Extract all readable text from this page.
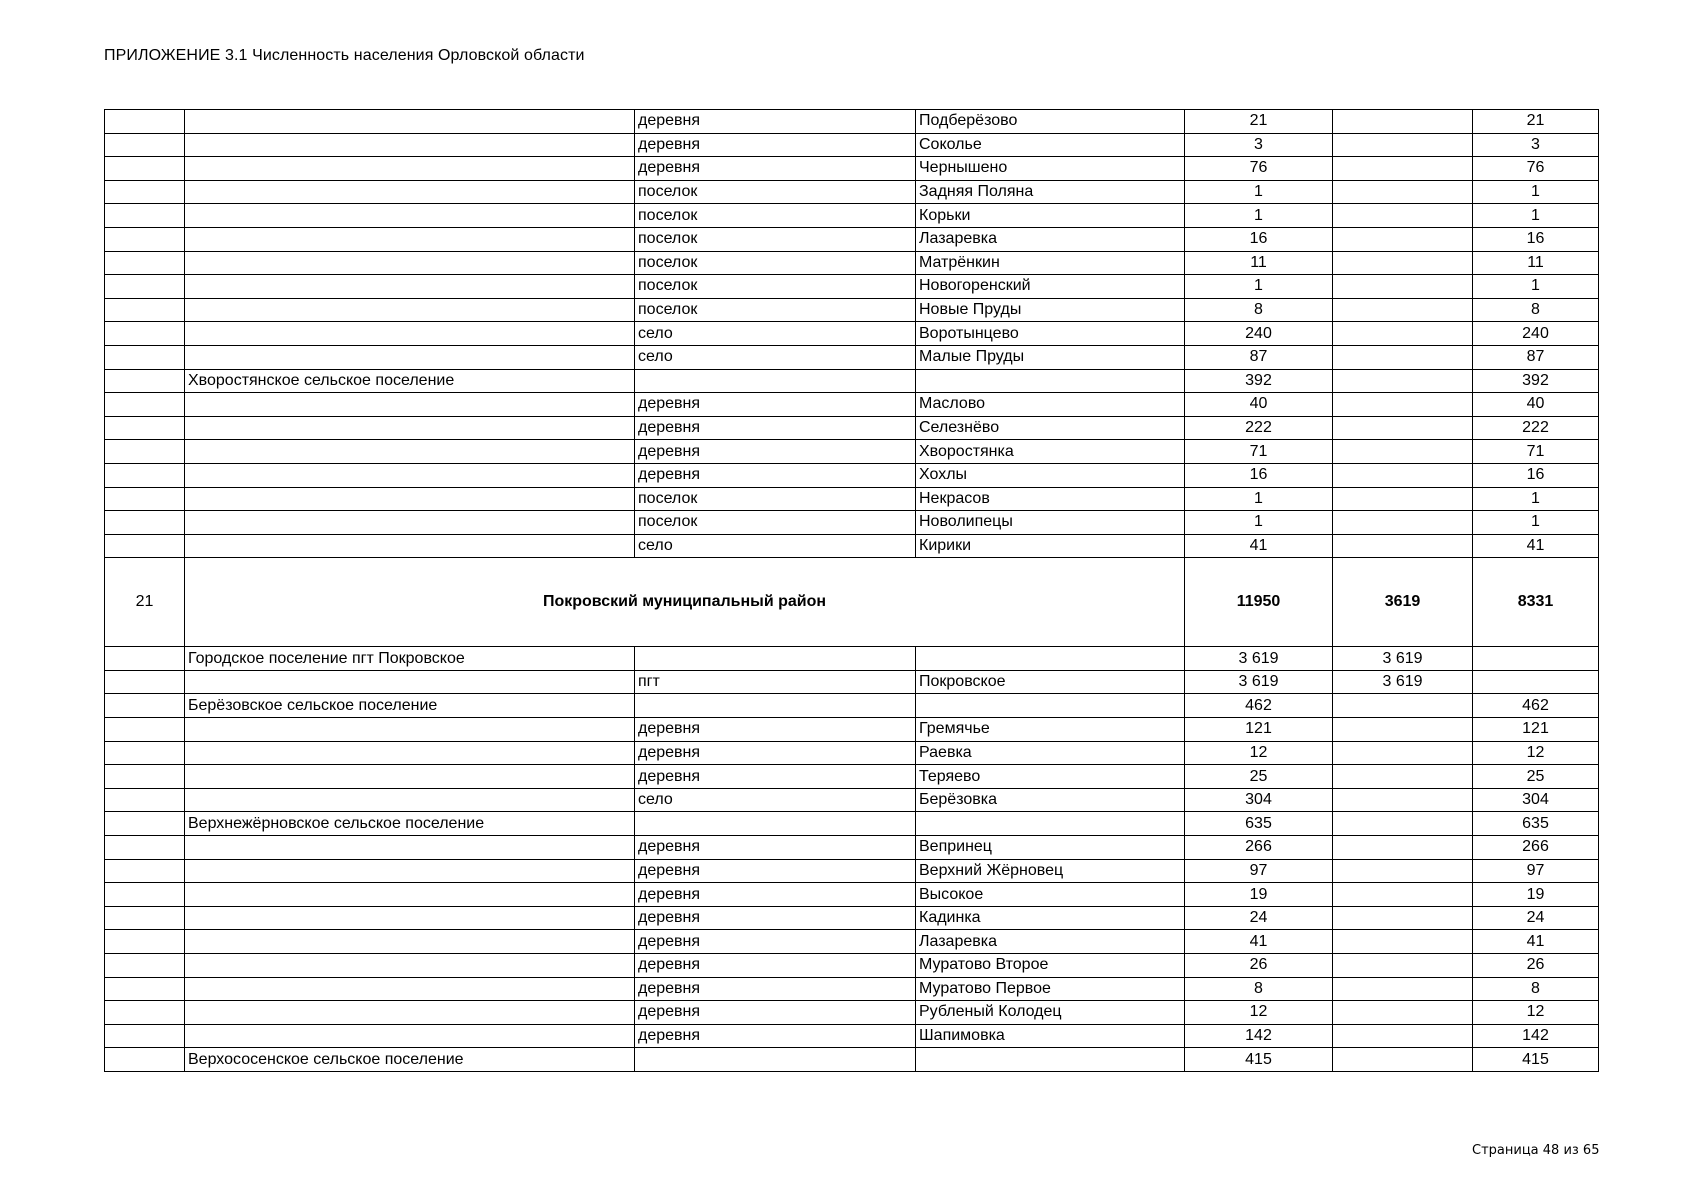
ПРИЛОЖЕНИЕ 3.1 Численность населения Орловской области
		деревня	Подберёзово	21		21
		деревня	Соколье	3		3
		деревня	Чернышено	76		76
		поселок	Задняя Поляна	1		1
		поселок	Корьки	1		1
		поселок	Лазаревка	16		16
		поселок	Матрёнкин	11		11
		поселок	Новогоренский	1		1
		поселок	Новые Пруды	8		8
		село	Воротынцево	240		240
		село	Малые Пруды	87		87
	Хворостянское сельское поселение			392		392
		деревня	Маслово	40		40
		деревня	Селезнёво	222		222
		деревня	Хворостянка	71		71
		деревня	Хохлы	16		16
		поселок	Некрасов	1		1
		поселок	Новолипецы	1		1
		село	Кирики	41		41
21	Покровский муниципальный район			11950	3619	8331
	Городское поселение пгт Покровское			3 619	3 619	
		пгт	Покровское	3 619	3 619	
	Берёзовское сельское поселение			462		462
		деревня	Гремячье	121		121
		деревня	Раевка	12		12
		деревня	Теряево	25		25
		село	Берёзовка	304		304
	Верхнежёрновское сельское поселение			635		635
		деревня	Вепринец	266		266
		деревня	Верхний Жёрновец	97		97
		деревня	Высокое	19		19
		деревня	Кадинка	24		24
		деревня	Лазаревка	41		41
		деревня	Муратово Второе	26		26
		деревня	Муратово Первое	8		8
		деревня	Рубленый Колодец	12		12
		деревня	Шапимовка	142		142
	Верхососенское сельское поселение			415		415
Страница 48 из 65
